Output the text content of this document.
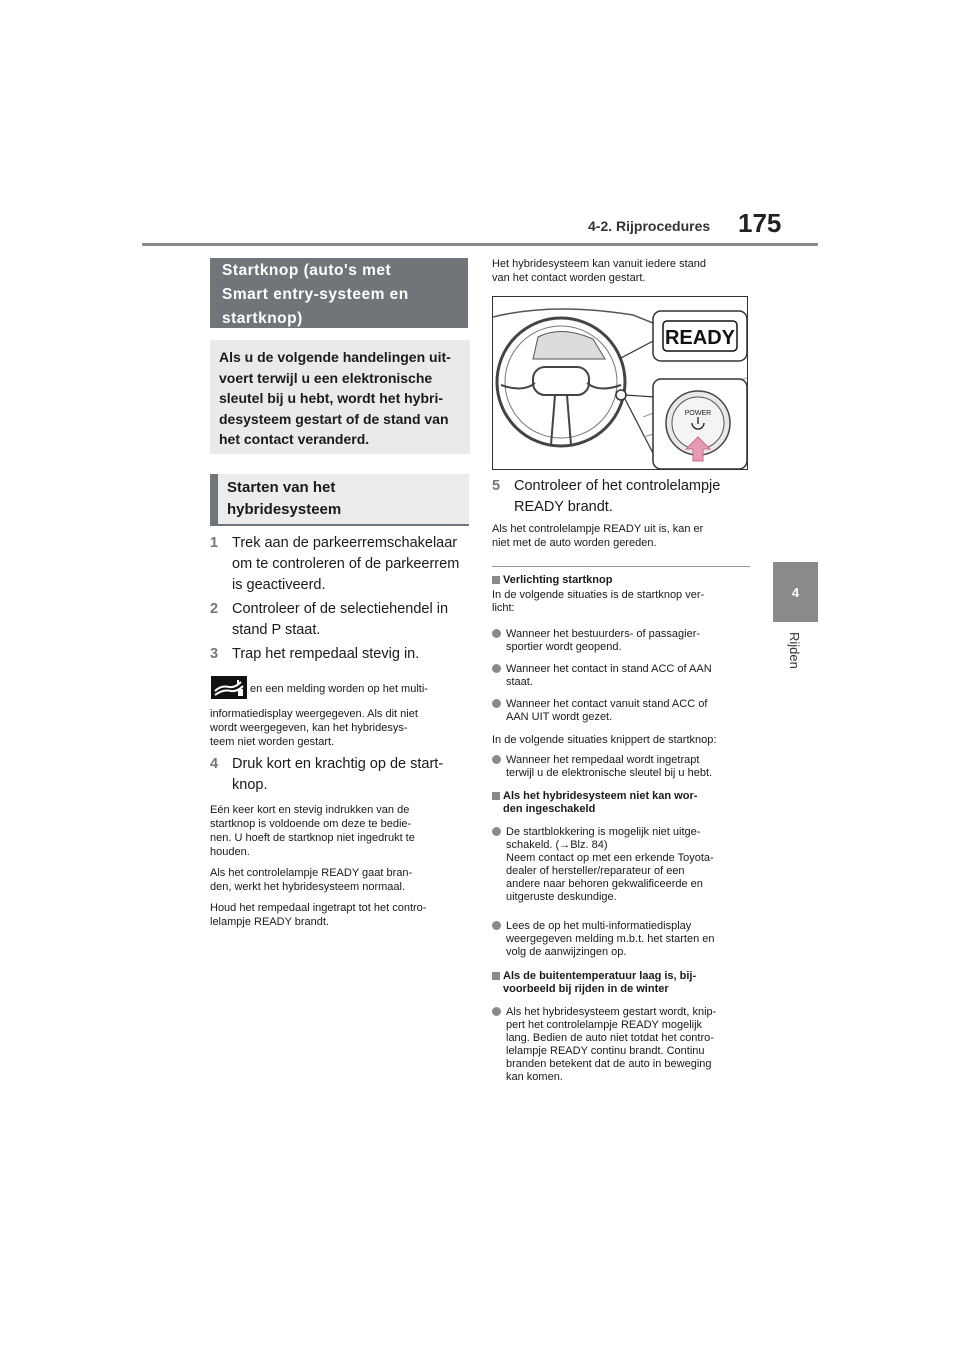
4-2. Rijprocedures 175
4
Rijden
Startknop (auto's met
Smart entry-systeem en
startknop)
Als u de volgende handelingen uit-
voert terwijl u een elektronische
sleutel bij u hebt, wordt het hybri-
desysteem gestart of de stand van
het contact veranderd.
Starten van het
hybridesysteem
1 Trek aan de parkeerremschakelaar
om te controleren of de parkeerrem
is geactiveerd.
2 Controleer of de selectiehendel in
stand P staat.
3 Trap het rempedaal stevig in.
en een melding worden op het multi-
informatiedisplay weergegeven. Als dit niet
wordt weergegeven, kan het hybridesys-
teem niet worden gestart.
4 Druk kort en krachtig op de start-
knop.
Eén keer kort en stevig indrukken van de
startknop is voldoende om deze te bedie-
nen. U hoeft de startknop niet ingedrukt te
houden.
Als het controlelampje READY gaat bran-
den, werkt het hybridesysteem normaal.
Houd het rempedaal ingetrapt tot het contro-
lelampje READY brandt.
Het hybridesysteem kan vanuit iedere stand
van het contact worden gestart.
READY
POWER
5 Controleer of het controlelampje
READY brandt.
Als het controlelampje READY uit is, kan er
niet met de auto worden gereden.
Verlichting startknop
In de volgende situaties is de startknop ver-
licht:
Wanneer het bestuurders- of passagier-
sportier wordt geopend.
Wanneer het contact in stand ACC of AAN
staat.
Wanneer het contact vanuit stand ACC of
AAN UIT wordt gezet.
In de volgende situaties knippert de startknop:
Wanneer het rempedaal wordt ingetrapt
terwijl u de elektronische sleutel bij u hebt.
Als het hybridesysteem niet kan wor-
den ingeschakeld
De startblokkering is mogelijk niet uitge-
schakeld. (→Blz. 84)
Neem contact op met een erkende Toyota-
dealer of hersteller/reparateur of een
andere naar behoren gekwalificeerde en
uitgeruste deskundige.
Lees de op het multi-informatiedisplay
weergegeven melding m.b.t. het starten en
volg de aanwijzingen op.
Als de buitentemperatuur laag is, bij-
voorbeeld bij rijden in de winter
Als het hybridesysteem gestart wordt, knip-
pert het controlelampje READY mogelijk
lang. Bedien de auto niet totdat het contro-
lelampje READY continu brandt. Continu
branden betekent dat de auto in beweging
kan komen.
